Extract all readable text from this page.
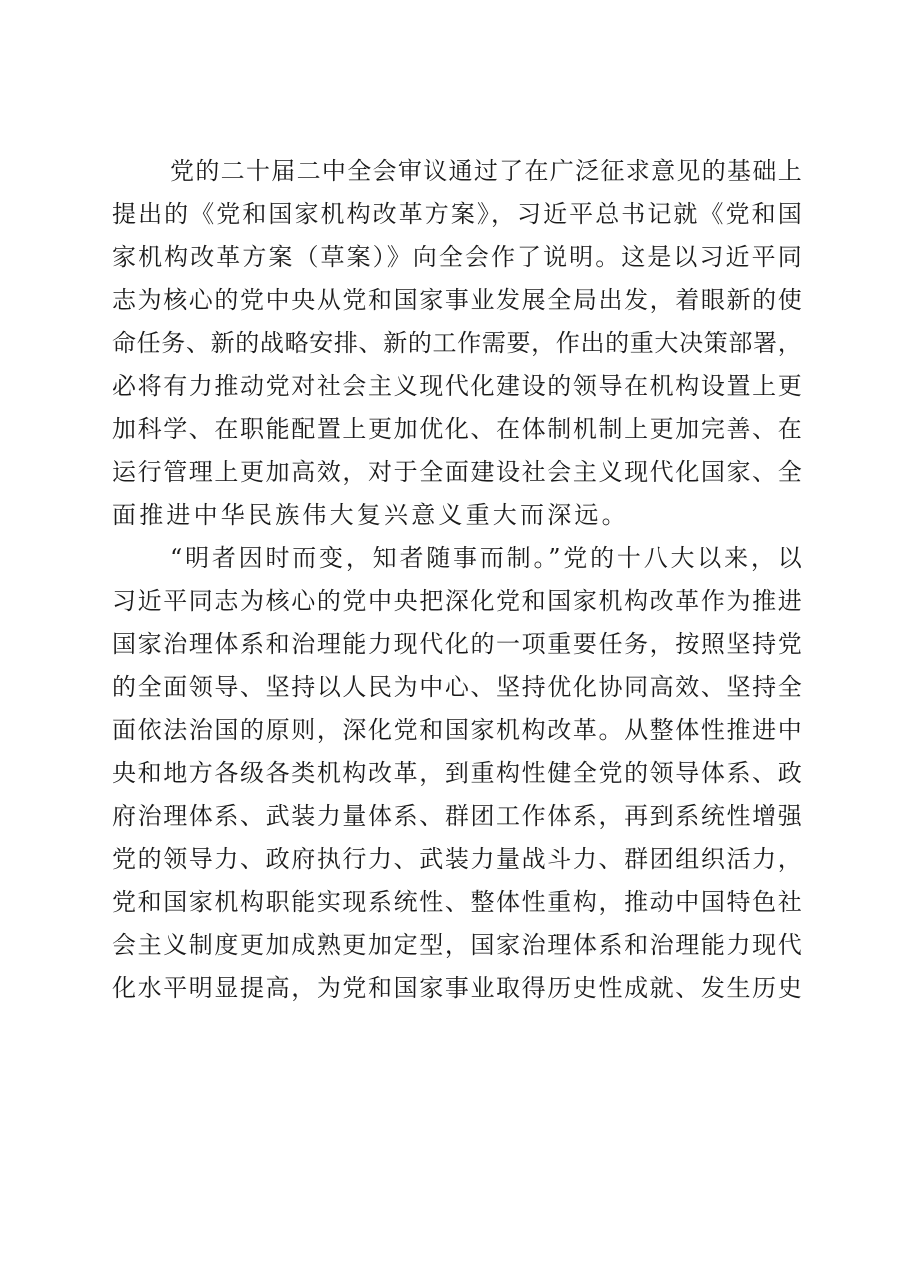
党的二十届二中全会审议通过了在广泛征求意见的基础上
提出的《党和国家机构改革方案》，习近平总书记就《党和国
家机构改革方案（草案）》向全会作了说明。这是以习近平同
志为核心的党中央从党和国家事业发展全局出发，着眼新的使
命任务、新的战略安排、新的工作需要，作出的重大决策部署，
必将有力推动党对社会主义现代化建设的领导在机构设置上更
加科学、在职能配置上更加优化、在体制机制上更加完善、在
运行管理上更加高效，对于全面建设社会主义现代化国家、全
面推进中华民族伟大复兴意义重大而深远。
“明者因时而变，知者随事而制。”党的十八大以来，以
习近平同志为核心的党中央把深化党和国家机构改革作为推进
国家治理体系和治理能力现代化的一项重要任务，按照坚持党
的全面领导、坚持以人民为中心、坚持优化协同高效、坚持全
面依法治国的原则，深化党和国家机构改革。从整体性推进中
央和地方各级各类机构改革，到重构性健全党的领导体系、政
府治理体系、武装力量体系、群团工作体系，再到系统性增强
党的领导力、政府执行力、武装力量战斗力、群团组织活力，
党和国家机构职能实现系统性、整体性重构，推动中国特色社
会主义制度更加成熟更加定型，国家治理体系和治理能力现代
化水平明显提高，为党和国家事业取得历史性成就、发生历史
